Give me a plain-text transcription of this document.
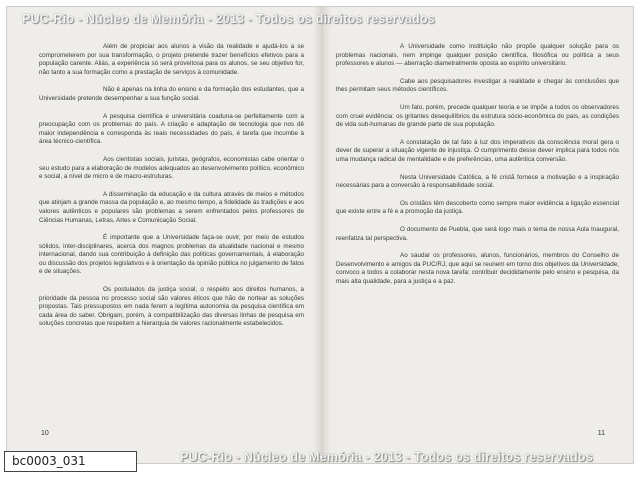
Além de propiciar aos alunos a visão da realidade e ajudá-los a se comprometerem por sua transformação, o projeto pretende trazer benefícios efetivos para a população carente. Aliás, a experiência só será proveitosa para os alunos, se seu objetivo for, não tanto a sua formação como a prestação de serviços à comunidade.

Não é apenas na linha do ensino e da formação dos estudantes, que a Universidade pretende desempenhar a sua função social.

A pesquisa científica e universitária coaduna-se perfeitamente com a preocupação com os problemas do país. A criação e adaptação de tecnologia que nos dê maior independência e corresponda às reais necessidades do país, é tarefa que incumbe à área técnico-científica.

Aos cientistas sociais, juristas, geógrafos, economistas cabe orientar o seu estudo para a elaboração de modelos adequados ao desenvolvimento político, econômico e social, a nível de micro e de macro-estruturas.

A disseminação da educação e da cultura através de meios e métodos que atinjam a grande massa da população e, ao mesmo tempo, a fidelidade às tradições e aos valores autênticos e populares são problemas a serem enfrentados pelos professores de Ciências Humanas, Letras, Artes e Comunicação Social.

É importante que a Universidade faça-se ouvir, por meio de estudos sólidos, inter-disciplinares, acerca dos magnos problemas da atualidade nacional e mesmo internacional, dando sua contribuição à definição das políticas governamentais, à elaboração ou discussão dos projetos legislativos e à orientação da opinião pública no julgamento de fatos e de situações.

Os postulados da justiça social, o respeito aos direitos humanos, a prioridade da pessoa no processo social são valores éticos que hão de nortear as soluções propostas. Tais pressupostos em nada ferem a legítima autonomia da pesquisa científica em cada área do saber. Obrigam, porém, à compatibilização das diversas linhas de pesquisa em soluções concretas que respeitem a hierarquia de valores racionalmente estabelecidos.

10

A Universidade como instituição não propõe qualquer solução para os problemas nacionais, nem impinge qualquer posição científica, filosófica ou política a seus professores e alunos — aberração diametralmente oposta ao espírito universitário.

Cabe aos pesquisadores investigar a realidade e chegar às conclusões que lhes permitam seus métodos científicos.

Um fato, porém, precede qualquer teoria e se impõe a todos os observadores com cruel evidência: os gritantes desequilíbrios da estrutura sócio-econômica do país, as condições de vida sub-humanas de grande parte de sua população.

A constatação de tal fato à luz dos imperativos da consciência moral gera o dever de superar a situação vigente de injustiça. O cumprimento desse dever implica para todos nós uma mudança radical de mentalidade e de preferências, uma autêntica conversão.

Nesta Universidade Católica, a fé cristã fornece a motivação e a inspiração necessárias para a conversão à responsabilidade social.

Os cristãos têm descoberto como sempre maior evidência a ligação essencial que existe entre a fé e a promoção da justiça.

O documento de Puebla, que será logo mais o tema de nossa Aula Inaugural, reenfatiza tal perspectiva.

Ao saudar os professores, alunos, funcionários, membros do Conselho de Desenvolvimento e amigos da PUC/RJ, que aqui se reunem em torno dos objetivos da Universidade, convoco a todos a colaborar nesta nova tarefa: contribuir decididamente pelo ensino e pesquisa, da mais alta qualidade, para a justiça e a paz.

11
PUC-Rio - Núcleo de Memória - 2013 - Todos os direitos reservados
PUC-Rio - Núcleo de Memória - 2013 - Todos os direitos reservados
bc0003_031
